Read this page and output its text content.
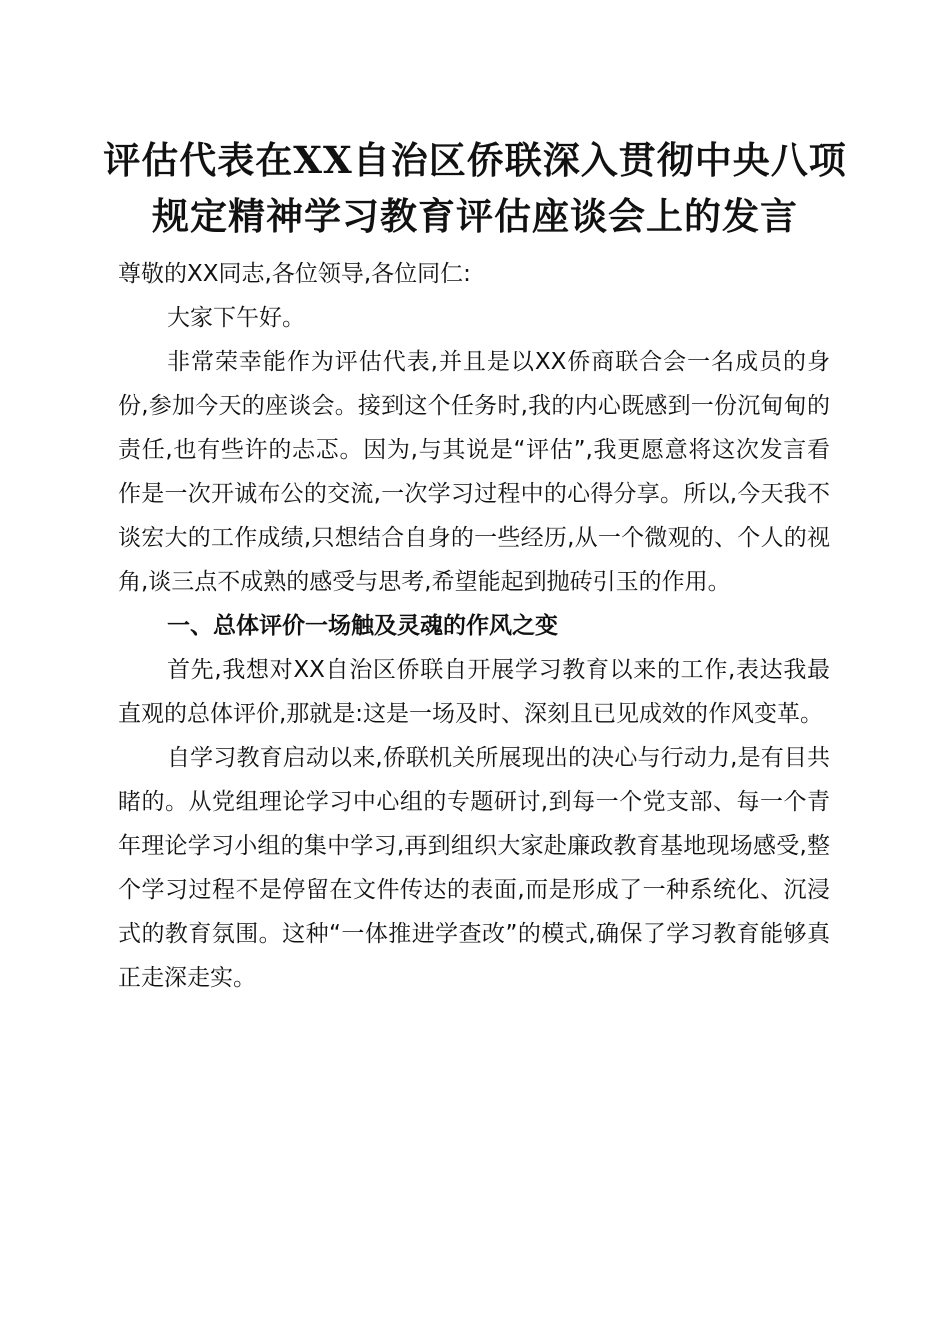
评估代表在XX自治区侨联深入贯彻中央八项
规定精神学习教育评估座谈会上的发言

尊敬的XX同志,各位领导,各位同仁:

大家下午好。

非常荣幸能作为评估代表,并且是以XX侨商联合会一名成员的身份,参加今天的座谈会。接到这个任务时,我的内心既感到一份沉甸甸的责任,也有些许的忐忑。因为,与其说是“评估”,我更愿意将这次发言看作是一次开诚布公的交流,一次学习过程中的心得分享。所以,今天我不谈宏大的工作成绩,只想结合自身的一些经历,从一个微观的、个人的视角,谈三点不成熟的感受与思考,希望能起到抛砖引玉的作用。

一、总体评价一场触及灵魂的作风之变

首先,我想对XX自治区侨联自开展学习教育以来的工作,表达我最直观的总体评价,那就是:这是一场及时、深刻且已见成效的作风变革。

自学习教育启动以来,侨联机关所展现出的决心与行动力,是有目共睹的。从党组理论学习中心组的专题研讨,到每一个党支部、每一个青年理论学习小组的集中学习,再到组织大家赴廉政教育基地现场感受,整个学习过程不是停留在文件传达的表面,而是形成了一种系统化、沉浸式的教育氛围。这种“一体推进学查改”的模式,确保了学习教育能够真正走深走实。
